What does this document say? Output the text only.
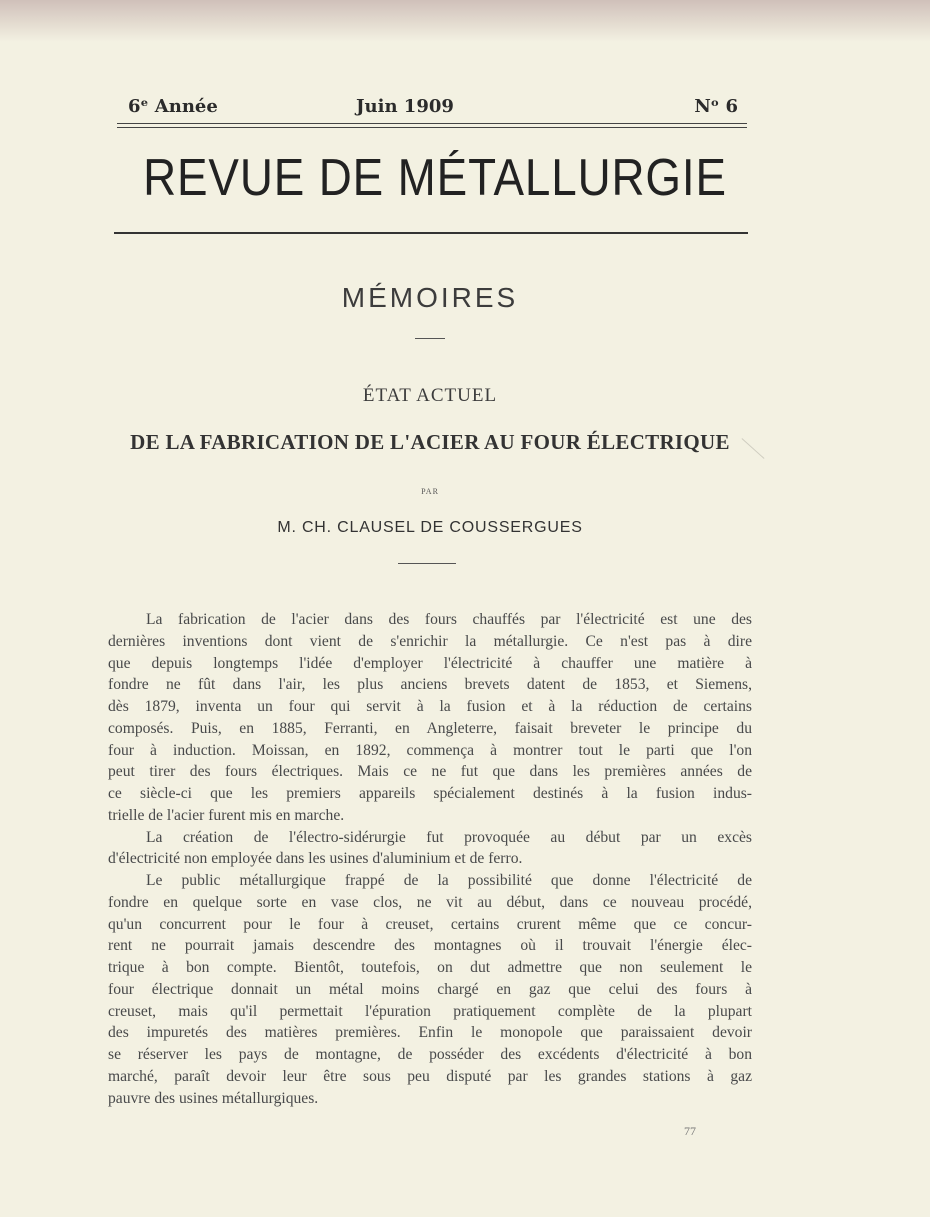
6ᵉ Année	Juin 1909	Nᵒ 6
REVUE DE MÉTALLURGIE
MÉMOIRES
ÉTAT ACTUEL
DE LA FABRICATION DE L'ACIER AU FOUR ÉLECTRIQUE
PAR
M. CH. CLAUSEL DE COUSSERGUES
La fabrication de l'acier dans des fours chauffés par l'électricité est une des
dernières inventions dont vient de s'enrichir la métallurgie. Ce n'est pas à dire
que depuis longtemps l'idée d'employer l'électricité à chauffer une matière à
fondre ne fût dans l'air, les plus anciens brevets datent de 1853, et Siemens,
dès 1879, inventa un four qui servit à la fusion et à la réduction de certains
composés. Puis, en 1885, Ferranti, en Angleterre, faisait breveter le principe du
four à induction. Moissan, en 1892, commença à montrer tout le parti que l'on
peut tirer des fours électriques. Mais ce ne fut que dans les premières années de
ce siècle-ci que les premiers appareils spécialement destinés à la fusion indus-
trielle de l'acier furent mis en marche.
La création de l'électro-sidérurgie fut provoquée au début par un excès
d'électricité non employée dans les usines d'aluminium et de ferro.
Le public métallurgique frappé de la possibilité que donne l'électricité de
fondre en quelque sorte en vase clos, ne vit au début, dans ce nouveau procédé,
qu'un concurrent pour le four à creuset, certains crurent même que ce concur-
rent ne pourrait jamais descendre des montagnes où il trouvait l'énergie élec-
trique à bon compte. Bientôt, toutefois, on dut admettre que non seulement le
four électrique donnait un métal moins chargé en gaz que celui des fours à
creuset, mais qu'il permettait l'épuration pratiquement complète de la plupart
des impuretés des matières premières. Enfin le monopole que paraissaient devoir
se réserver les pays de montagne, de posséder des excédents d'électricité à bon
marché, paraît devoir leur être sous peu disputé par les grandes stations à gaz
pauvre des usines métallurgiques.
77
